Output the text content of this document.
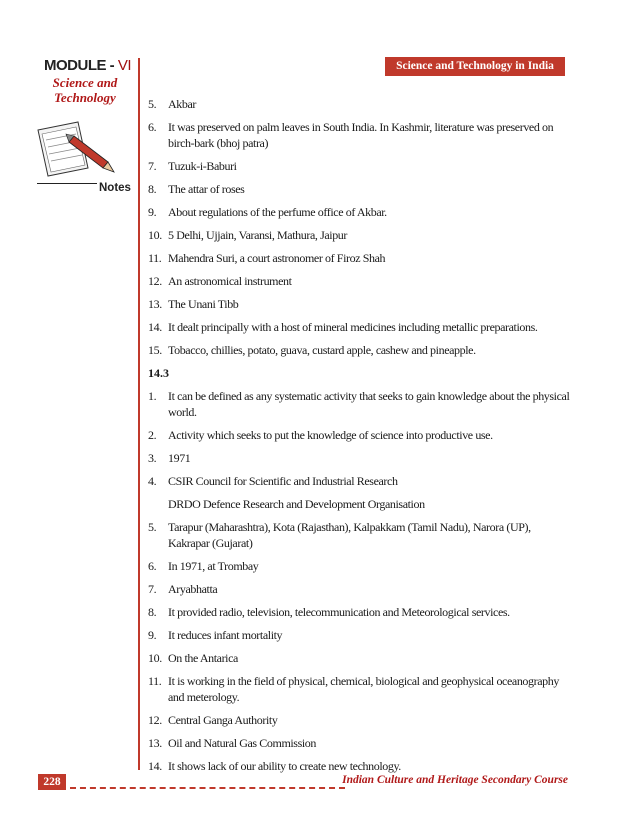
MODULE - VI
Science and Technology
Notes
Science and Technology in India
5. Akbar
6. It was preserved on palm leaves in South India. In Kashmir, literature was preserved on birch-bark (bhoj patra)
7. Tuzuk-i-Baburi
8. The attar of roses
9. About regulations of the perfume office of Akbar.
10. 5 Delhi, Ujjain, Varansi, Mathura, Jaipur
11. Mahendra Suri, a court astronomer of Firoz Shah
12. An astronomical instrument
13. The Unani Tibb
14. It dealt principally with a host of mineral medicines including metallic preparations.
15. Tobacco, chillies, potato, guava, custard apple, cashew and pineapple.
14.3
1. It can be defined as any systematic activity that seeks to gain knowledge about the physical world.
2. Activity which seeks to put the knowledge of science into productive use.
3. 1971
4. CSIR Council for Scientific and Industrial Research
DRDO Defence Research and Development Organisation
5. Tarapur (Maharashtra), Kota (Rajasthan), Kalpakkam (Tamil Nadu), Narora (UP), Kakrapar (Gujarat)
6. In 1971, at Trombay
7. Aryabhatta
8. It provided radio, television, telecommunication and Meteorological services.
9. It reduces infant mortality
10. On the Antarica
11. It is working in the field of physical, chemical, biological and geophysical oceanography and meterology.
12. Central Ganga Authority
13. Oil and Natural Gas Commission
14. It shows lack of our ability to create new technology.
228	Indian Culture and Heritage Secondary Course
